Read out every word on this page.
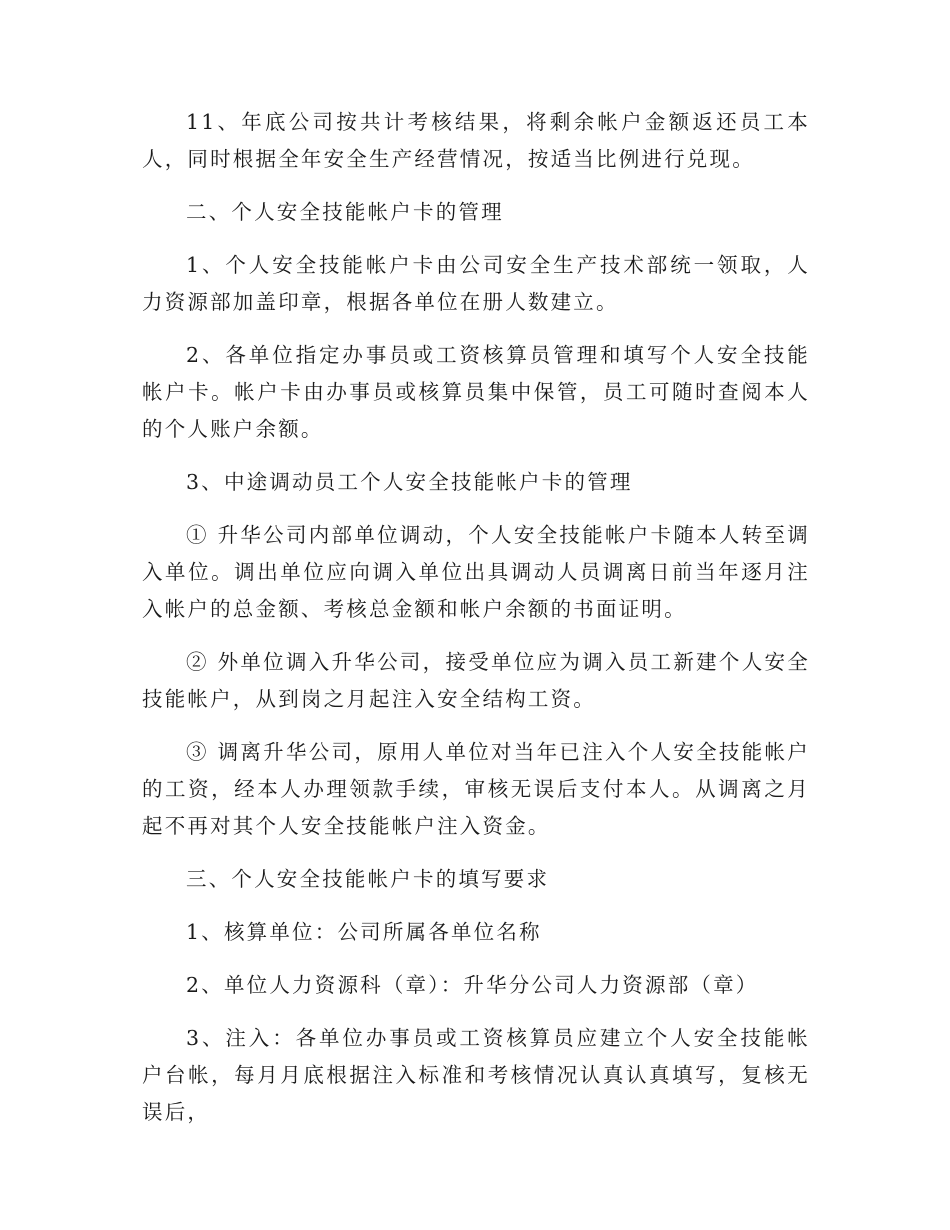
11、年底公司按共计考核结果，将剩余帐户金额返还员工本人，同时根据全年安全生产经营情况，按适当比例进行兑现。

二、个人安全技能帐户卡的管理

1、个人安全技能帐户卡由公司安全生产技术部统一领取，人力资源部加盖印章，根据各单位在册人数建立。

2、各单位指定办事员或工资核算员管理和填写个人安全技能帐户卡。帐户卡由办事员或核算员集中保管，员工可随时查阅本人的个人账户余额。

3、中途调动员工个人安全技能帐户卡的管理

① 升华公司内部单位调动，个人安全技能帐户卡随本人转至调入单位。调出单位应向调入单位出具调动人员调离日前当年逐月注入帐户的总金额、考核总金额和帐户余额的书面证明。

② 外单位调入升华公司，接受单位应为调入员工新建个人安全技能帐户，从到岗之月起注入安全结构工资。

③ 调离升华公司，原用人单位对当年已注入个人安全技能帐户的工资，经本人办理领款手续，审核无误后支付本人。从调离之月起不再对其个人安全技能帐户注入资金。

三、个人安全技能帐户卡的填写要求

1、核算单位：公司所属各单位名称

2、单位人力资源科（章）：升华分公司人力资源部（章）

3、注入：各单位办事员或工资核算员应建立个人安全技能帐户台帐，每月月底根据注入标准和考核情况认真认真填写，复核无误后，
